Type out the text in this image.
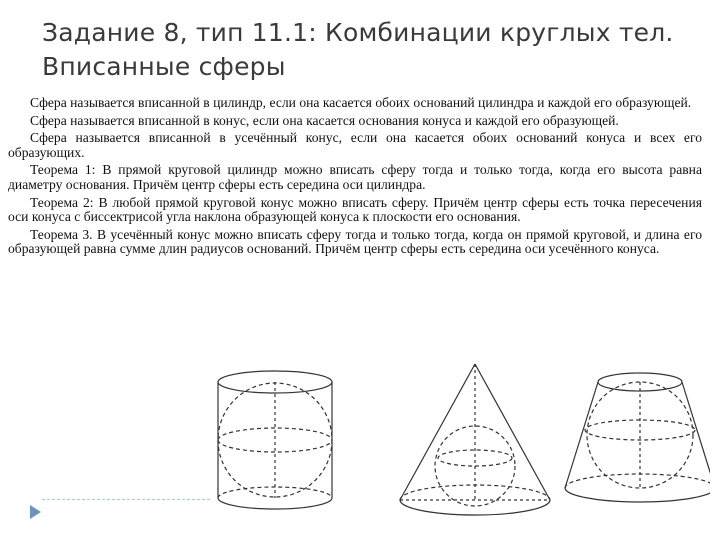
Задание 8, тип 11.1: Комбинации круглых тел.
Вписанные сферы

Сфера называется вписанной в цилиндр, если она касается обоих оснований цилиндра и каждой его образующей.

Сфера называется вписанной в конус, если она касается основания конуса и каждой его образующей.

Сфера называется вписанной в усечённый конус, если она касается обоих оснований конуса и всех его образующих.

Теорема 1: В прямой круговой цилиндр можно вписать сферу тогда и только тогда, когда его высота равна диаметру основания. Причём центр сферы есть середина оси цилиндра.

Теорема 2: В любой прямой круговой конус можно вписать сферу. Причём центр сферы есть точка пересечения оси конуса с биссектрисой угла наклона образующей конуса к плоскости его основания.

Теорема 3. В усечённый конус можно вписать сферу тогда и только тогда, когда он прямой круговой, и длина его образующей равна сумме длин радиусов оснований. Причём центр сферы есть середина оси усечённого конуса.
